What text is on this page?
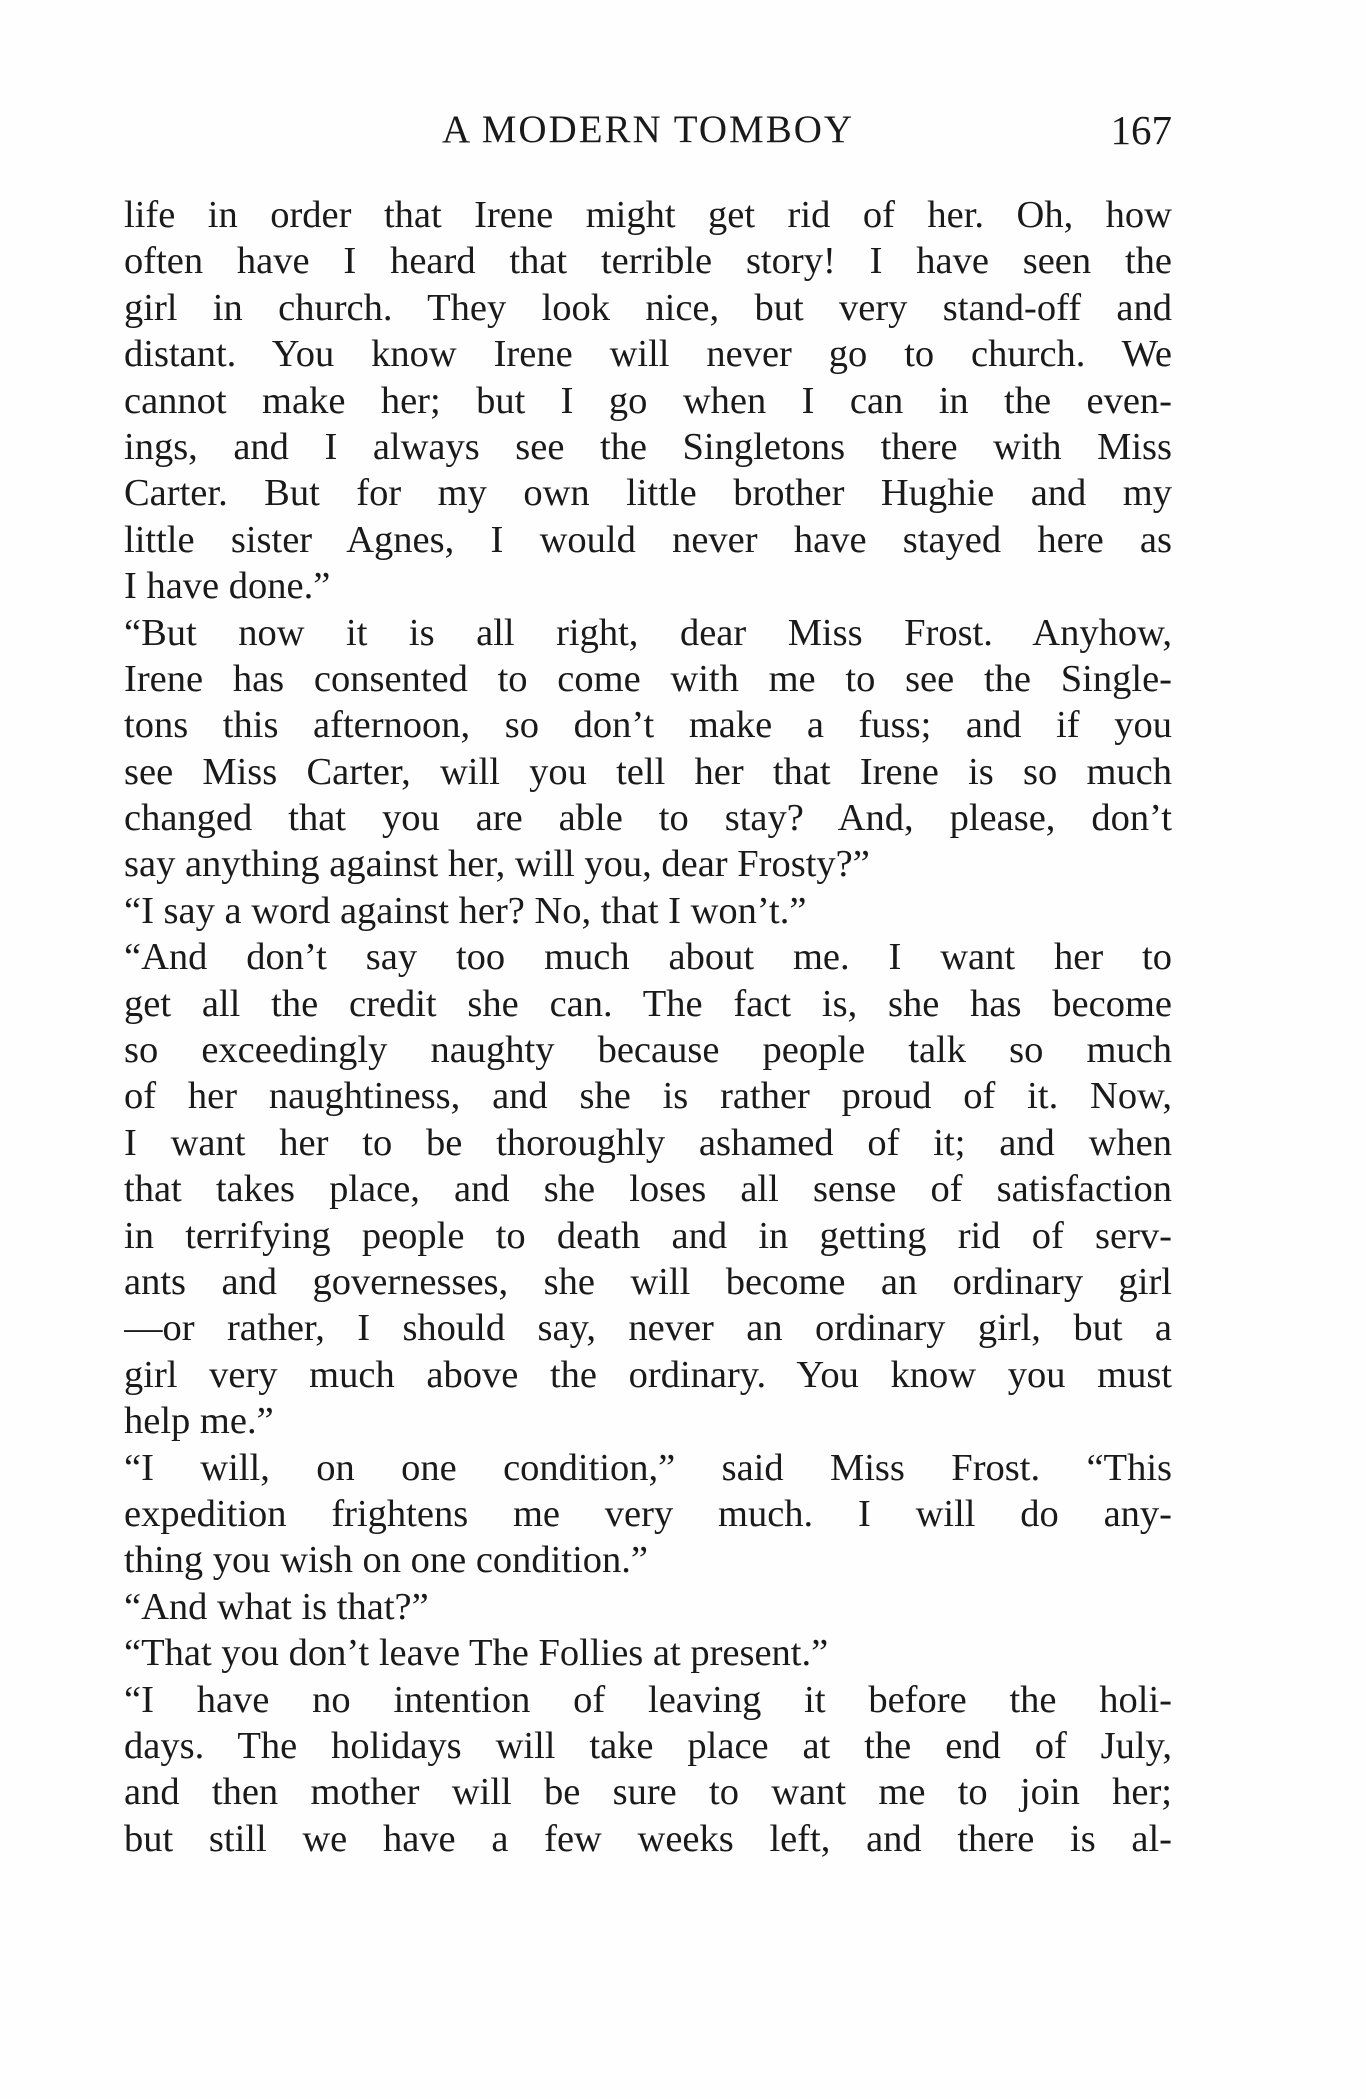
A MODERN TOMBOY	167
life in order that Irene might get rid of her. Oh, how
often have I heard that terrible story! I have seen the
girl in church. They look nice, but very stand-off and
distant. You know Irene will never go to church. We
cannot make her; but I go when I can in the even-
ings, and I always see the Singletons there with Miss
Carter. But for my own little brother Hughie and my
little sister Agnes, I would never have stayed here as
I have done.”
“But now it is all right, dear Miss Frost. Anyhow,
Irene has consented to come with me to see the Single-
tons this afternoon, so don’t make a fuss; and if you
see Miss Carter, will you tell her that Irene is so much
changed that you are able to stay? And, please, don’t
say anything against her, will you, dear Frosty?”
“I say a word against her? No, that I won’t.”
“And don’t say too much about me. I want her to
get all the credit she can. The fact is, she has become
so exceedingly naughty because people talk so much
of her naughtiness, and she is rather proud of it. Now,
I want her to be thoroughly ashamed of it; and when
that takes place, and she loses all sense of satisfaction
in terrifying people to death and in getting rid of serv-
ants and governesses, she will become an ordinary girl
—or rather, I should say, never an ordinary girl, but a
girl very much above the ordinary. You know you must
help me.”
“I will, on one condition,” said Miss Frost. “This
expedition frightens me very much. I will do any-
thing you wish on one condition.”
“And what is that?”
“That you don’t leave The Follies at present.”
“I have no intention of leaving it before the holi-
days. The holidays will take place at the end of July,
and then mother will be sure to want me to join her;
but still we have a few weeks left, and there is al-
